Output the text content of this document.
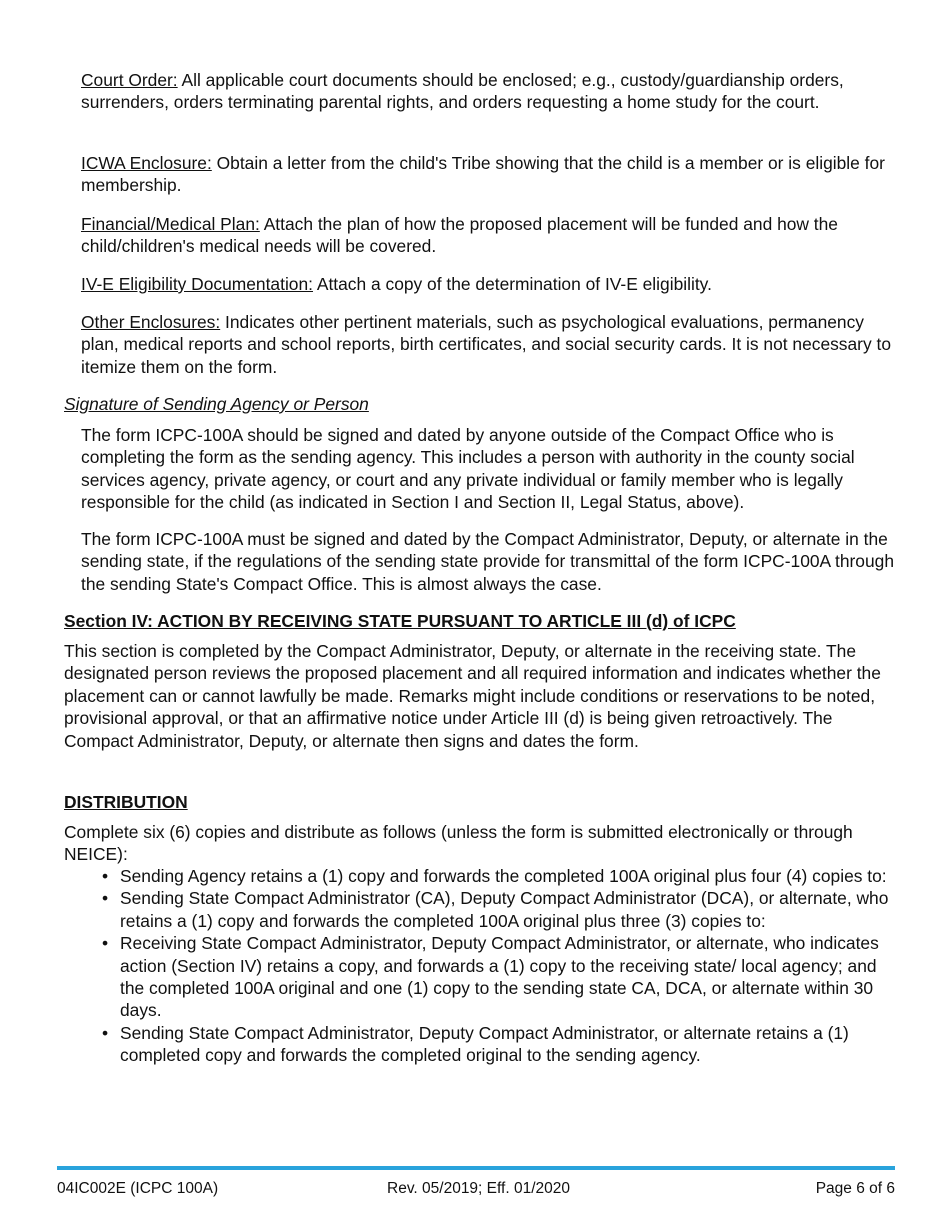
Court Order: All applicable court documents should be enclosed; e.g., custody/guardianship orders, surrenders, orders terminating parental rights, and orders requesting a home study for the court.

ICWA Enclosure: Obtain a letter from the child's Tribe showing that the child is a member or is eligible for membership.

Financial/Medical Plan: Attach the plan of how the proposed placement will be funded and how the child/children's medical needs will be covered.

IV-E Eligibility Documentation: Attach a copy of the determination of IV-E eligibility.

Other Enclosures: Indicates other pertinent materials, such as psychological evaluations, permanency plan, medical reports and school reports, birth certificates, and social security cards. It is not necessary to itemize them on the form.

Signature of Sending Agency or Person

The form ICPC-100A should be signed and dated by anyone outside of the Compact Office who is completing the form as the sending agency. This includes a person with authority in the county social services agency, private agency, or court and any private individual or family member who is legally responsible for the child (as indicated in Section I and Section II, Legal Status, above).

The form ICPC-100A must be signed and dated by the Compact Administrator, Deputy, or alternate in the sending state, if the regulations of the sending state provide for transmittal of the form ICPC-100A through the sending State's Compact Office. This is almost always the case.

Section IV: ACTION BY RECEIVING STATE PURSUANT TO ARTICLE III (d) of ICPC

This section is completed by the Compact Administrator, Deputy, or alternate in the receiving state. The designated person reviews the proposed placement and all required information and indicates whether the placement can or cannot lawfully be made. Remarks might include conditions or reservations to be noted, provisional approval, or that an affirmative notice under Article III (d) is being given retroactively. The Compact Administrator, Deputy, or alternate then signs and dates the form.

DISTRIBUTION

Complete six (6) copies and distribute as follows (unless the form is submitted electronically or through NEICE):

• Sending Agency retains a (1) copy and forwards the completed 100A original plus four (4) copies to:
• Sending State Compact Administrator (CA), Deputy Compact Administrator (DCA), or alternate, who retains a (1) copy and forwards the completed 100A original plus three (3) copies to:
• Receiving State Compact Administrator, Deputy Compact Administrator, or alternate, who indicates action (Section IV) retains a copy, and forwards a (1) copy to the receiving state/ local agency; and the completed 100A original and one (1) copy to the sending state CA, DCA, or alternate within 30 days.
• Sending State Compact Administrator, Deputy Compact Administrator, or alternate retains a (1) completed copy and forwards the completed original to the sending agency.
04IC002E (ICPC 100A)	Rev. 05/2019; Eff. 01/2020	Page 6 of 6
